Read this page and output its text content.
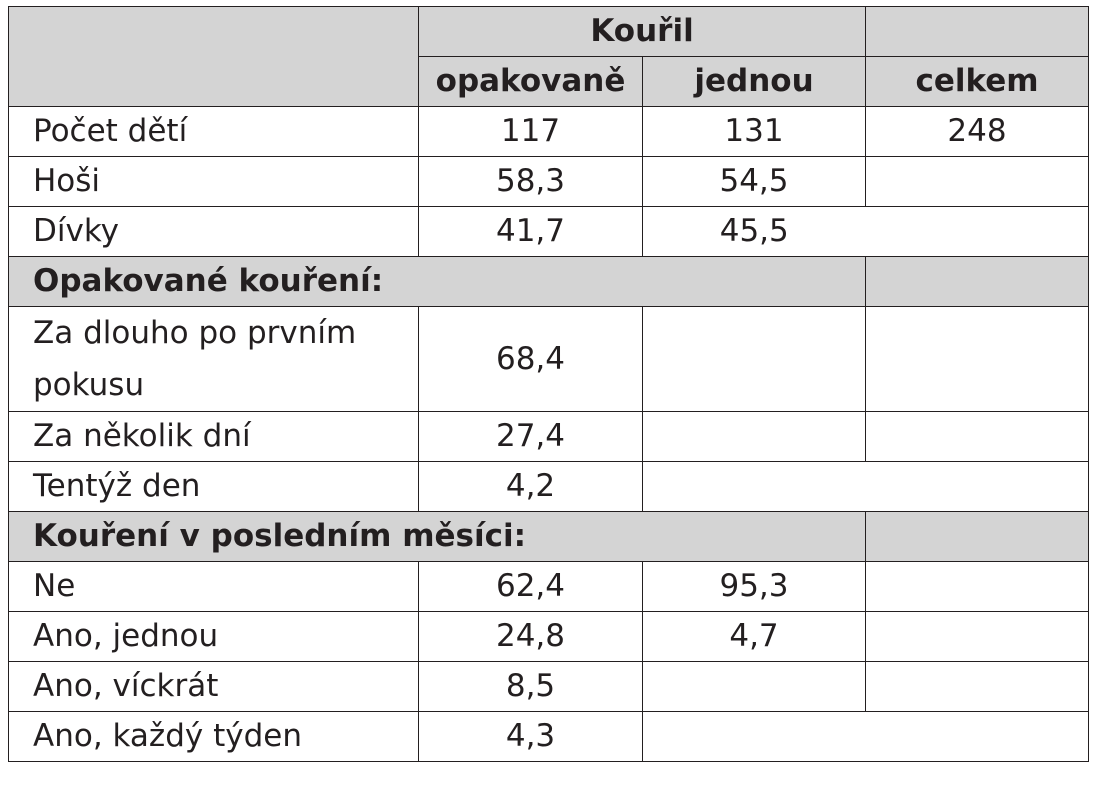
	Kouřil		
	opakovaně	jednou	celkem
Počet dětí	117	131	248
Hoši	58,3	54,5	
Dívky	41,7	45,5	
Opakované kouření:			
Za dlouho po prvním pokusu	68,4		
Za několik dní	27,4		
Tentýž den	4,2		
Kouření v posledním měsíci:			
Ne	62,4	95,3	
Ano, jednou	24,8	4,7	
Ano, víckrát	8,5		
Ano, každý týden	4,3		
